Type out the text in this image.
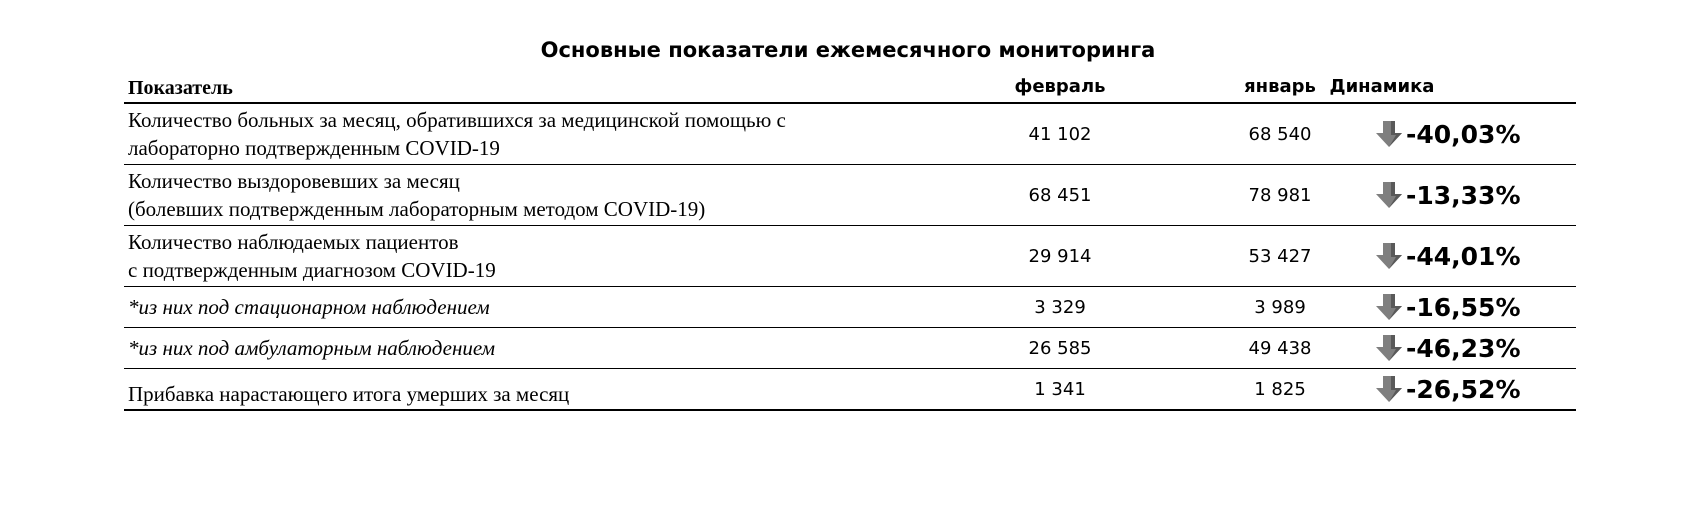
Основные показатели ежемесячного мониторинга
Показатель	февраль	январь Динамика
Количество больных за месяц, обратившихся за медицинской помощью с
лабораторно подтвержденным COVID-19
41 102	68 540	-40,03%
Количество выздоровевших за месяц
(болевших подтвержденным лабораторным методом COVID-19)
68 451	78 981	-13,33%
Количество наблюдаемых пациентов
с подтвержденным диагнозом COVID-19
29 914	53 427	-44,01%
*из них под стационарном наблюдением	3 329	3 989	-16,55%
*из них под амбулаторным наблюдением	26 585	49 438	-46,23%
Прибавка нарастающего итога умерших за месяц	1 341	1 825	-26,52%
